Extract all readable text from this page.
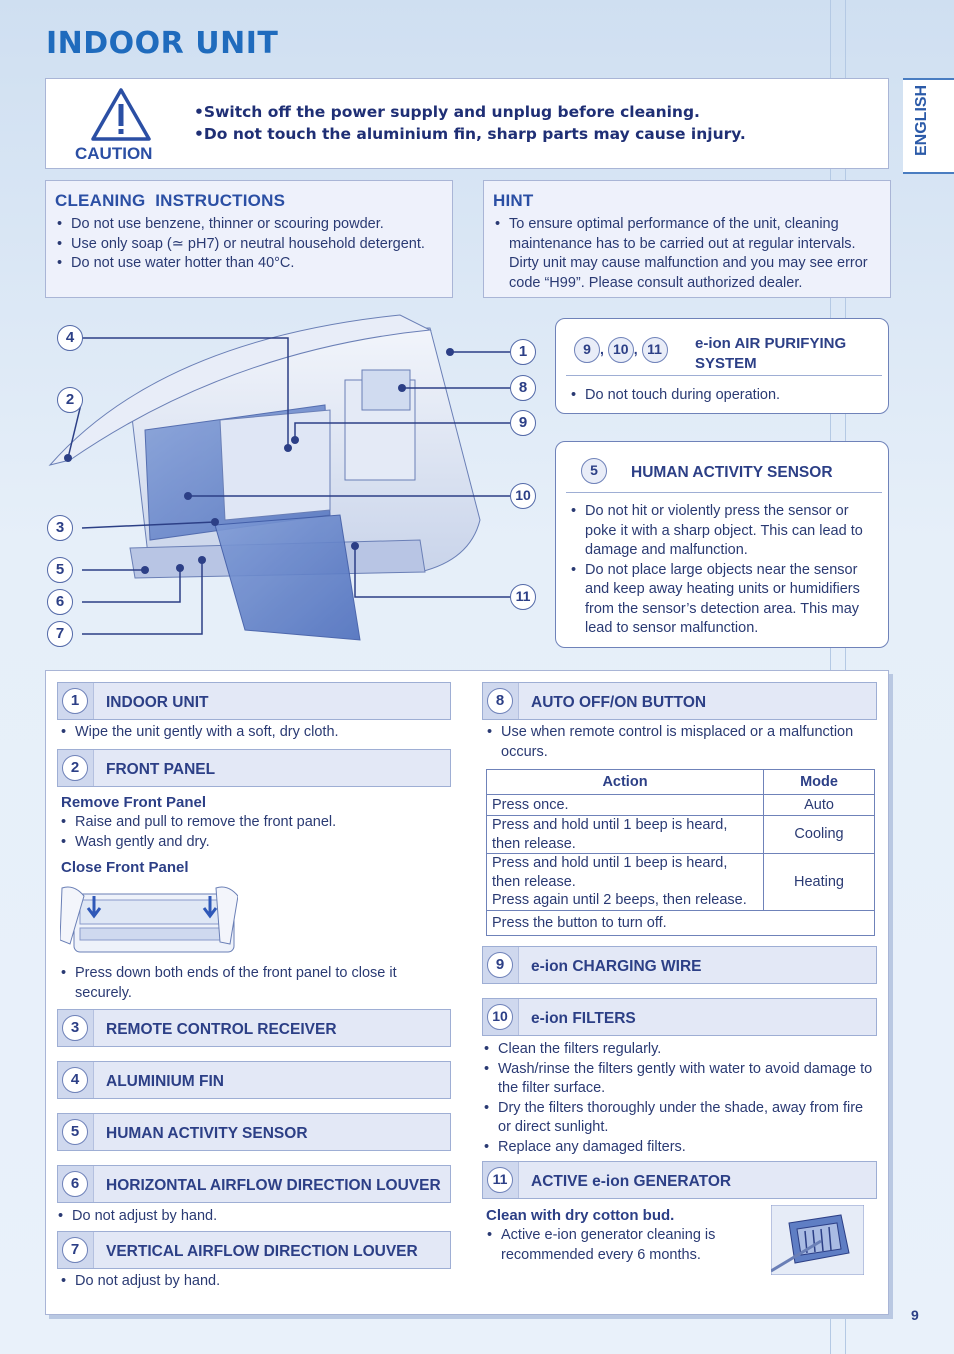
INDOOR UNIT
ENGLISH
CAUTION
•Switch off the power supply and unplug before cleaning.
•Do not touch the aluminium fin, sharp parts may cause injury.
CLEANING  INSTRUCTIONS
• Do not use benzene, thinner or scouring powder.
• Use only soap (≃ pH7) or neutral household detergent.
• Do not use water hotter than 40°C.
HINT
• To ensure optimal performance of the unit, cleaning maintenance has to be carried out at regular intervals. Dirty unit may cause malfunction and you may see error code “H99”. Please consult authorized dealer.
4
2
3
5
6
7
1
8
9
10
11
9 , 10 , 11	e-ion AIR PURIFYING SYSTEM
• Do not touch during operation.
5	HUMAN ACTIVITY SENSOR
• Do not hit or violently press the sensor or poke it with a sharp object. This can lead to damage and malfunction.
• Do not place large objects near the sensor and keep away heating units or humidifiers from the sensor’s detection area. This may lead to sensor malfunction.
1	INDOOR UNIT
• Wipe the unit gently with a soft, dry cloth.
2	FRONT PANEL
Remove Front Panel
• Raise and pull to remove the front panel.
• Wash gently and dry.
Close Front Panel
• Press down both ends of the front panel to close it securely.
3	REMOTE CONTROL RECEIVER
4	ALUMINIUM FIN
5	HUMAN ACTIVITY SENSOR
6	HORIZONTAL AIRFLOW DIRECTION LOUVER
• Do not adjust by hand.
7	VERTICAL AIRFLOW DIRECTION LOUVER
• Do not adjust by hand.
8	AUTO OFF/ON BUTTON
• Use when remote control is misplaced or a malfunction occurs.
Action	Mode
Press once.	Auto
Press and hold until 1 beep is heard, then release.	Cooling

Press and hold until 1 beep is heard, then release.
Press again until 2 beeps, then release.	Heating
Press the button to turn off.	
9	e-ion CHARGING WIRE
10	e-ion FILTERS
• Clean the filters regularly.
• Wash/rinse the filters gently with water to avoid damage to the filter surface.
• Dry the filters thoroughly under the shade, away from fire or direct sunlight.
• Replace any damaged filters.
11	ACTIVE e-ion GENERATOR
Clean with dry cotton bud.
• Active e-ion generator cleaning is recommended every 6 months.
9
